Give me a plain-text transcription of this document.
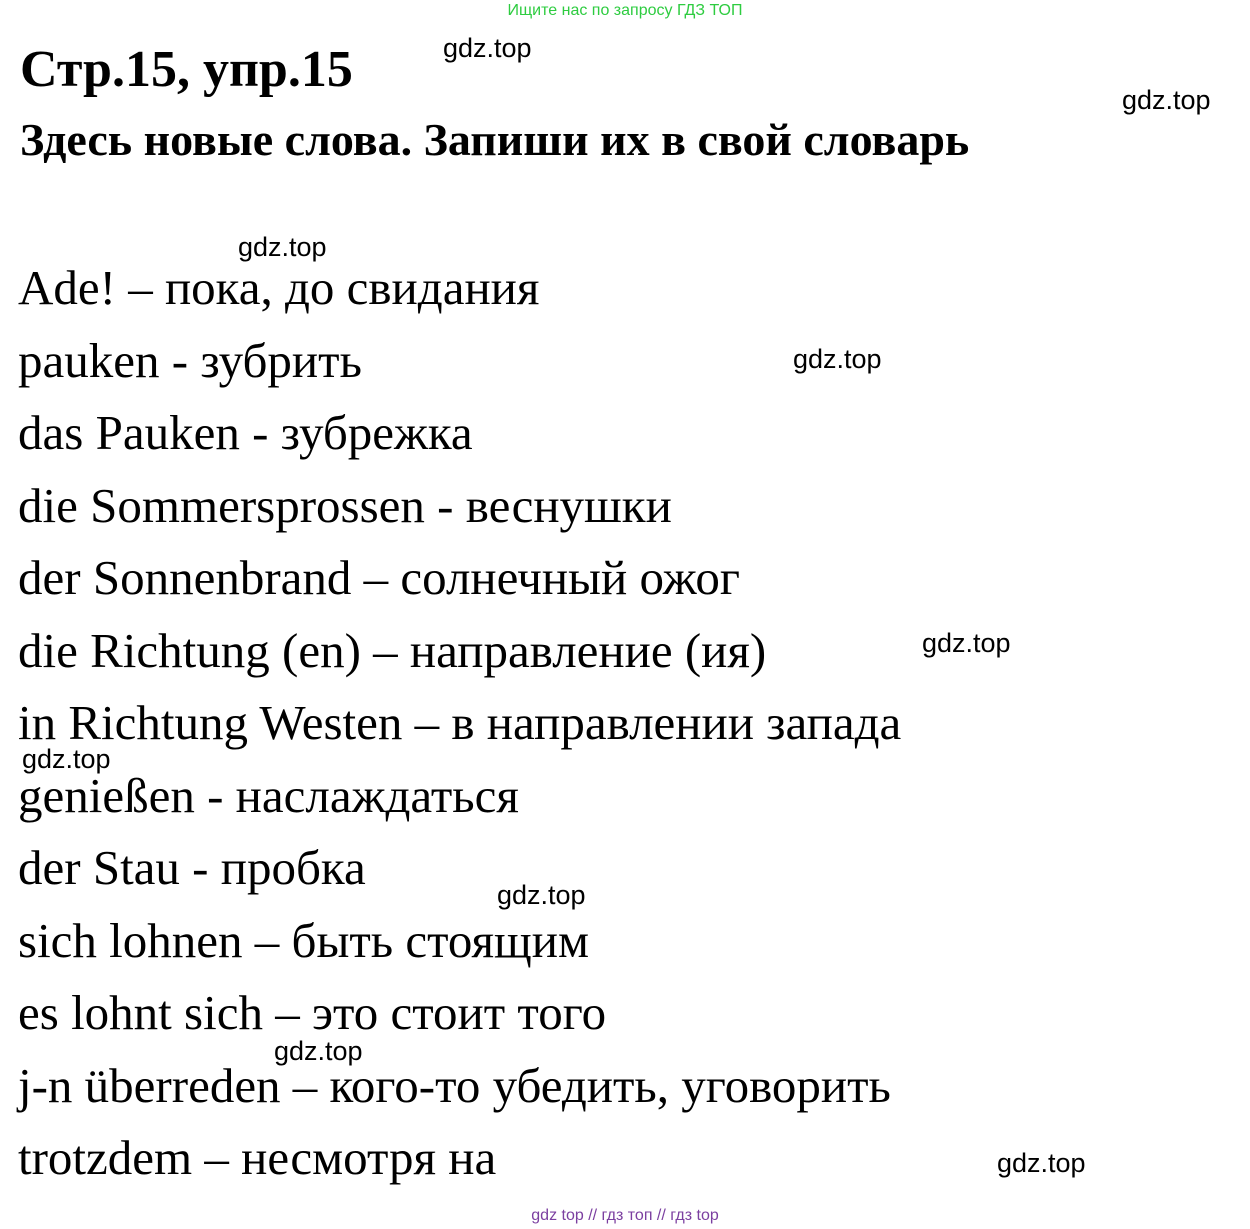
Ищите нас по запросу ГДЗ ТОП
Стр.15, упр.15
Здесь новые слова. Запиши их в свой словарь
Ade! – пока, до свидания
pauken - зубрить
das Pauken - зубрежка
die Sommersprossen - веснушки
der Sonnenbrand – солнечный ожог
die Richtung (en) – направление (ия)
in Richtung Westen – в направлении запада
genießen - наслаждаться
der Stau - пробка
sich lohnen – быть стоящим
es lohnt sich – это стоит того
j-n überreden – кого-то убедить, уговорить
trotzdem – несмотря на
gdz.top
gdz.top
gdz.top
gdz.top
gdz.top
gdz.top
gdz.top
gdz.top
gdz.top
gdz top // гдз топ // гдз top
